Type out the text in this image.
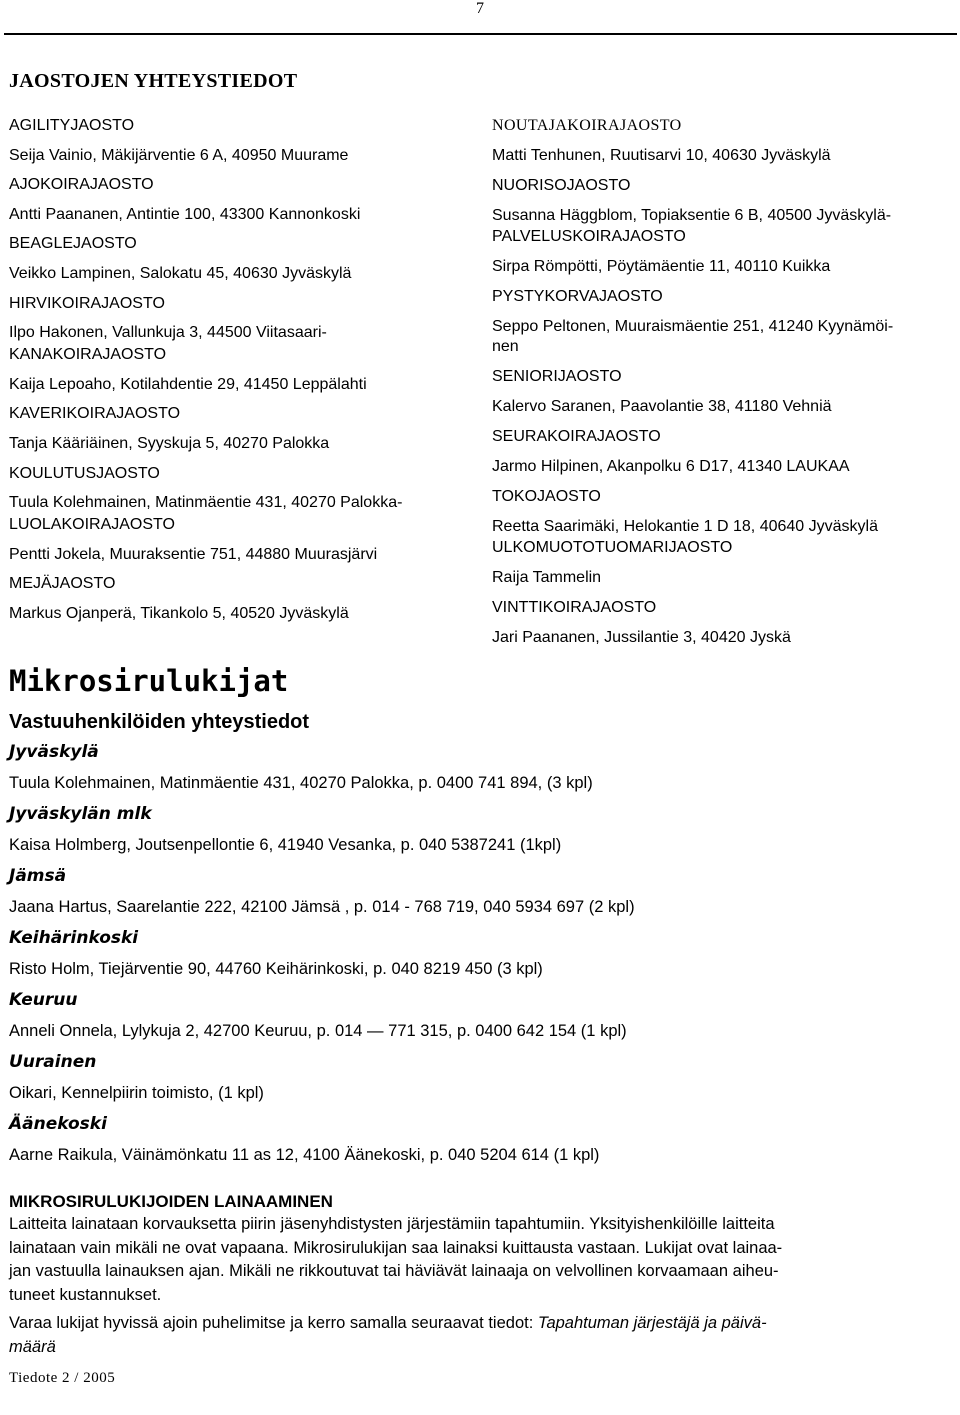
7
JAOSTOJEN YHTEYSTIEDOT
AGILITYJAOSTO
Seija Vainio, Mäkijärventie 6 A, 40950 Muurame
AJOKOIRAJAOSTO
Antti Paananen, Antintie 100, 43300 Kannonkoski
BEAGLEJAOSTO
Veikko Lampinen, Salokatu 45, 40630 Jyväskylä
HIRVIKOIRAJAOSTO
Ilpo Hakonen, Vallunkuja 3, 44500 Viitasaari-
KANAKOIRAJAOSTO
Kaija Lepoaho, Kotilahdentie 29, 41450 Leppälahti
KAVERIKOIRAJAOSTO
Tanja Kääriäinen, Syyskuja 5, 40270 Palokka
KOULUTUSJAOSTO
Tuula Kolehmainen, Matinmäentie 431, 40270 Palokka-
LUOLAKOIRAJAOSTO
Pentti Jokela, Muuraksentie 751, 44880 Muurasjärvi
MEJÄJAOSTO
Markus Ojanperä, Tikankolo 5, 40520 Jyväskylä
NOUTAJAKOIRAJAOSTO
Matti Tenhunen, Ruutisarvi 10, 40630 Jyväskylä
NUORISOJAOSTO
Susanna Häggblom, Topiaksentie 6 B, 40500 Jyväskylä-
PALVELUSKOIRAJAOSTO
Sirpa Römpötti, Pöytämäentie 11, 40110 Kuikka
PYSTYKORVAJAOSTO
Seppo Peltonen, Muuraismäentie 251, 41240 Kyynämöi-
nen
SENIORIJAOSTO
Kalervo Saranen, Paavolantie 38, 41180 Vehniä
SEURAKOIRAJAOSTO
Jarmo Hilpinen, Akanpolku 6 D17, 41340 LAUKAA
TOKOJAOSTO
Reetta Saarimäki, Helokantie 1 D 18, 40640 Jyväskylä
ULKOMUOTOTUOMARIJAOSTO
Raija Tammelin
VINTTIKOIRAJAOSTO
Jari Paananen, Jussilantie 3, 40420 Jyskä
Mikrosirulukijat
Vastuuhenkilöiden yhteystiedot
Jyväskylä
Tuula Kolehmainen, Matinmäentie 431, 40270 Palokka, p. 0400 741 894, (3 kpl)
Jyväskylän mlk
Kaisa Holmberg, Joutsenpellontie 6, 41940 Vesanka, p. 040 5387241 (1kpl)
Jämsä
Jaana Hartus, Saarelantie 222, 42100 Jämsä , p. 014 - 768 719, 040 5934 697 (2 kpl)
Keihärinkoski
Risto Holm, Tiejärventie 90, 44760 Keihärinkoski, p. 040 8219 450 (3 kpl)
Keuruu
Anneli Onnela, Lylykuja 2, 42700 Keuruu, p. 014 — 771 315, p. 0400 642 154 (1 kpl)
Uurainen
Oikari, Kennelpiirin toimisto, (1 kpl)
Äänekoski
Aarne Raikula, Väinämönkatu 11 as 12, 4100 Äänekoski, p. 040 5204 614 (1 kpl)
MIKROSIRULUKIJOIDEN LAINAAMINEN

Laitteita lainataan korvauksetta piirin jäsenyhdistysten järjestämiin tapahtumiin. Yksityishenkilöille laitteita
lainataan vain mikäli ne ovat vapaana. Mikrosirulukijan saa lainaksi kuittausta vastaan. Lukijat ovat lainaa-
jan vastuulla lainauksen ajan. Mikäli ne rikkoutuvat tai häviävät lainaaja on velvollinen korvaamaan aiheu-
tuneet kustannukset.

Varaa lukijat hyvissä ajoin puhelimitse ja kerro samalla seuraavat tiedot: Tapahtuman järjestäjä ja päivä-
määrä

Tiedote 2 / 2005
